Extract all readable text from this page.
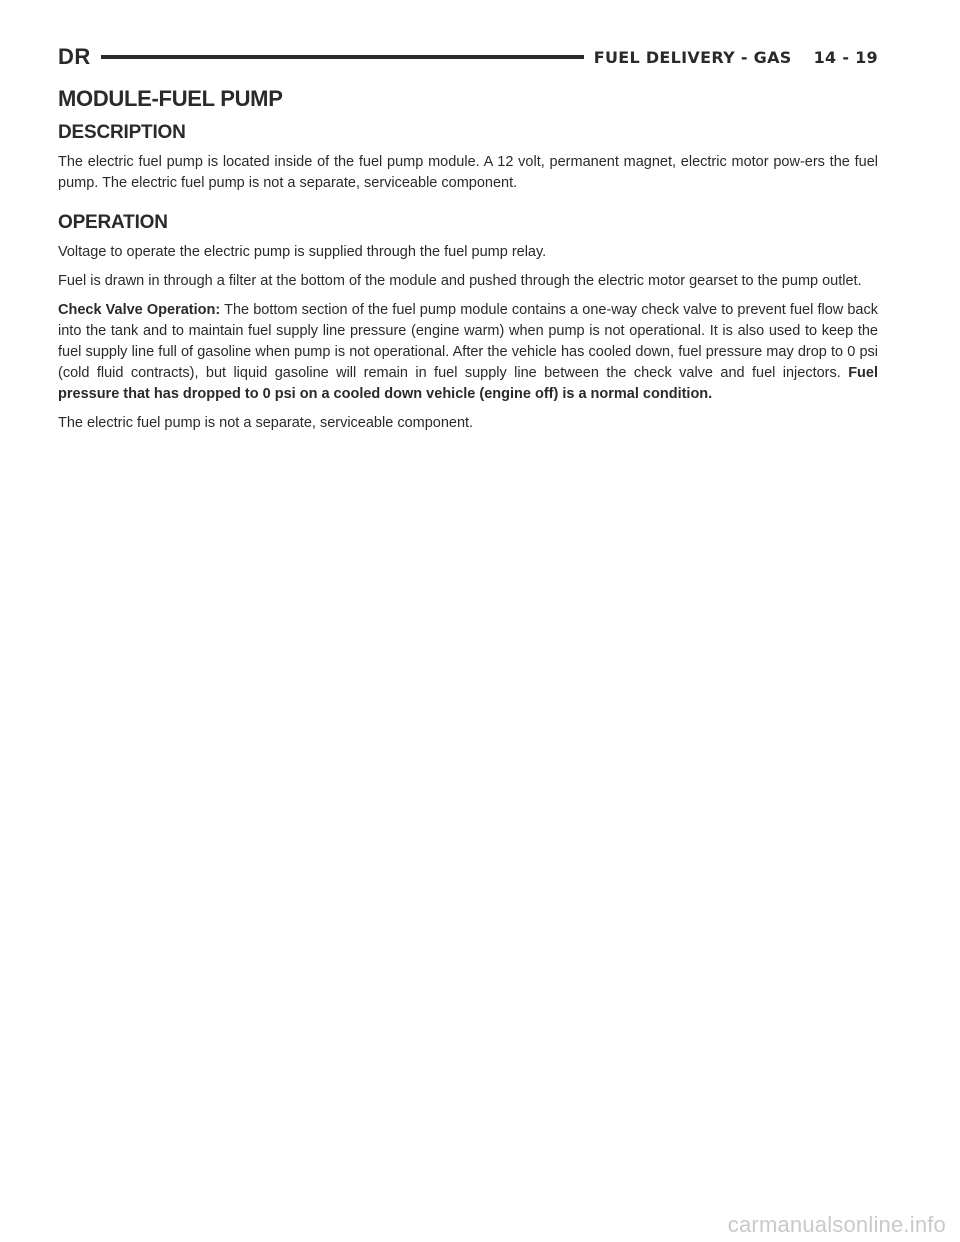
DR	FUEL DELIVERY - GAS 14 - 19
MODULE-FUEL PUMP
DESCRIPTION

The electric fuel pump is located inside of the fuel pump module. A 12 volt, permanent magnet, electric motor pow-ers the fuel pump. The electric fuel pump is not a separate, serviceable component.

OPERATION

Voltage to operate the electric pump is supplied through the fuel pump relay.

Fuel is drawn in through a filter at the bottom of the module and pushed through the electric motor gearset to the pump outlet.

Check Valve Operation: The bottom section of the fuel pump module contains a one-way check valve to prevent fuel flow back into the tank and to maintain fuel supply line pressure (engine warm) when pump is not operational. It is also used to keep the fuel supply line full of gasoline when pump is not operational. After the vehicle has cooled down, fuel pressure may drop to 0 psi (cold fluid contracts), but liquid gasoline will remain in fuel supply line between the check valve and fuel injectors. Fuel pressure that has dropped to 0 psi on a cooled down vehicle (engine off) is a normal condition.

The electric fuel pump is not a separate, serviceable component.

carmanualsonline.info
